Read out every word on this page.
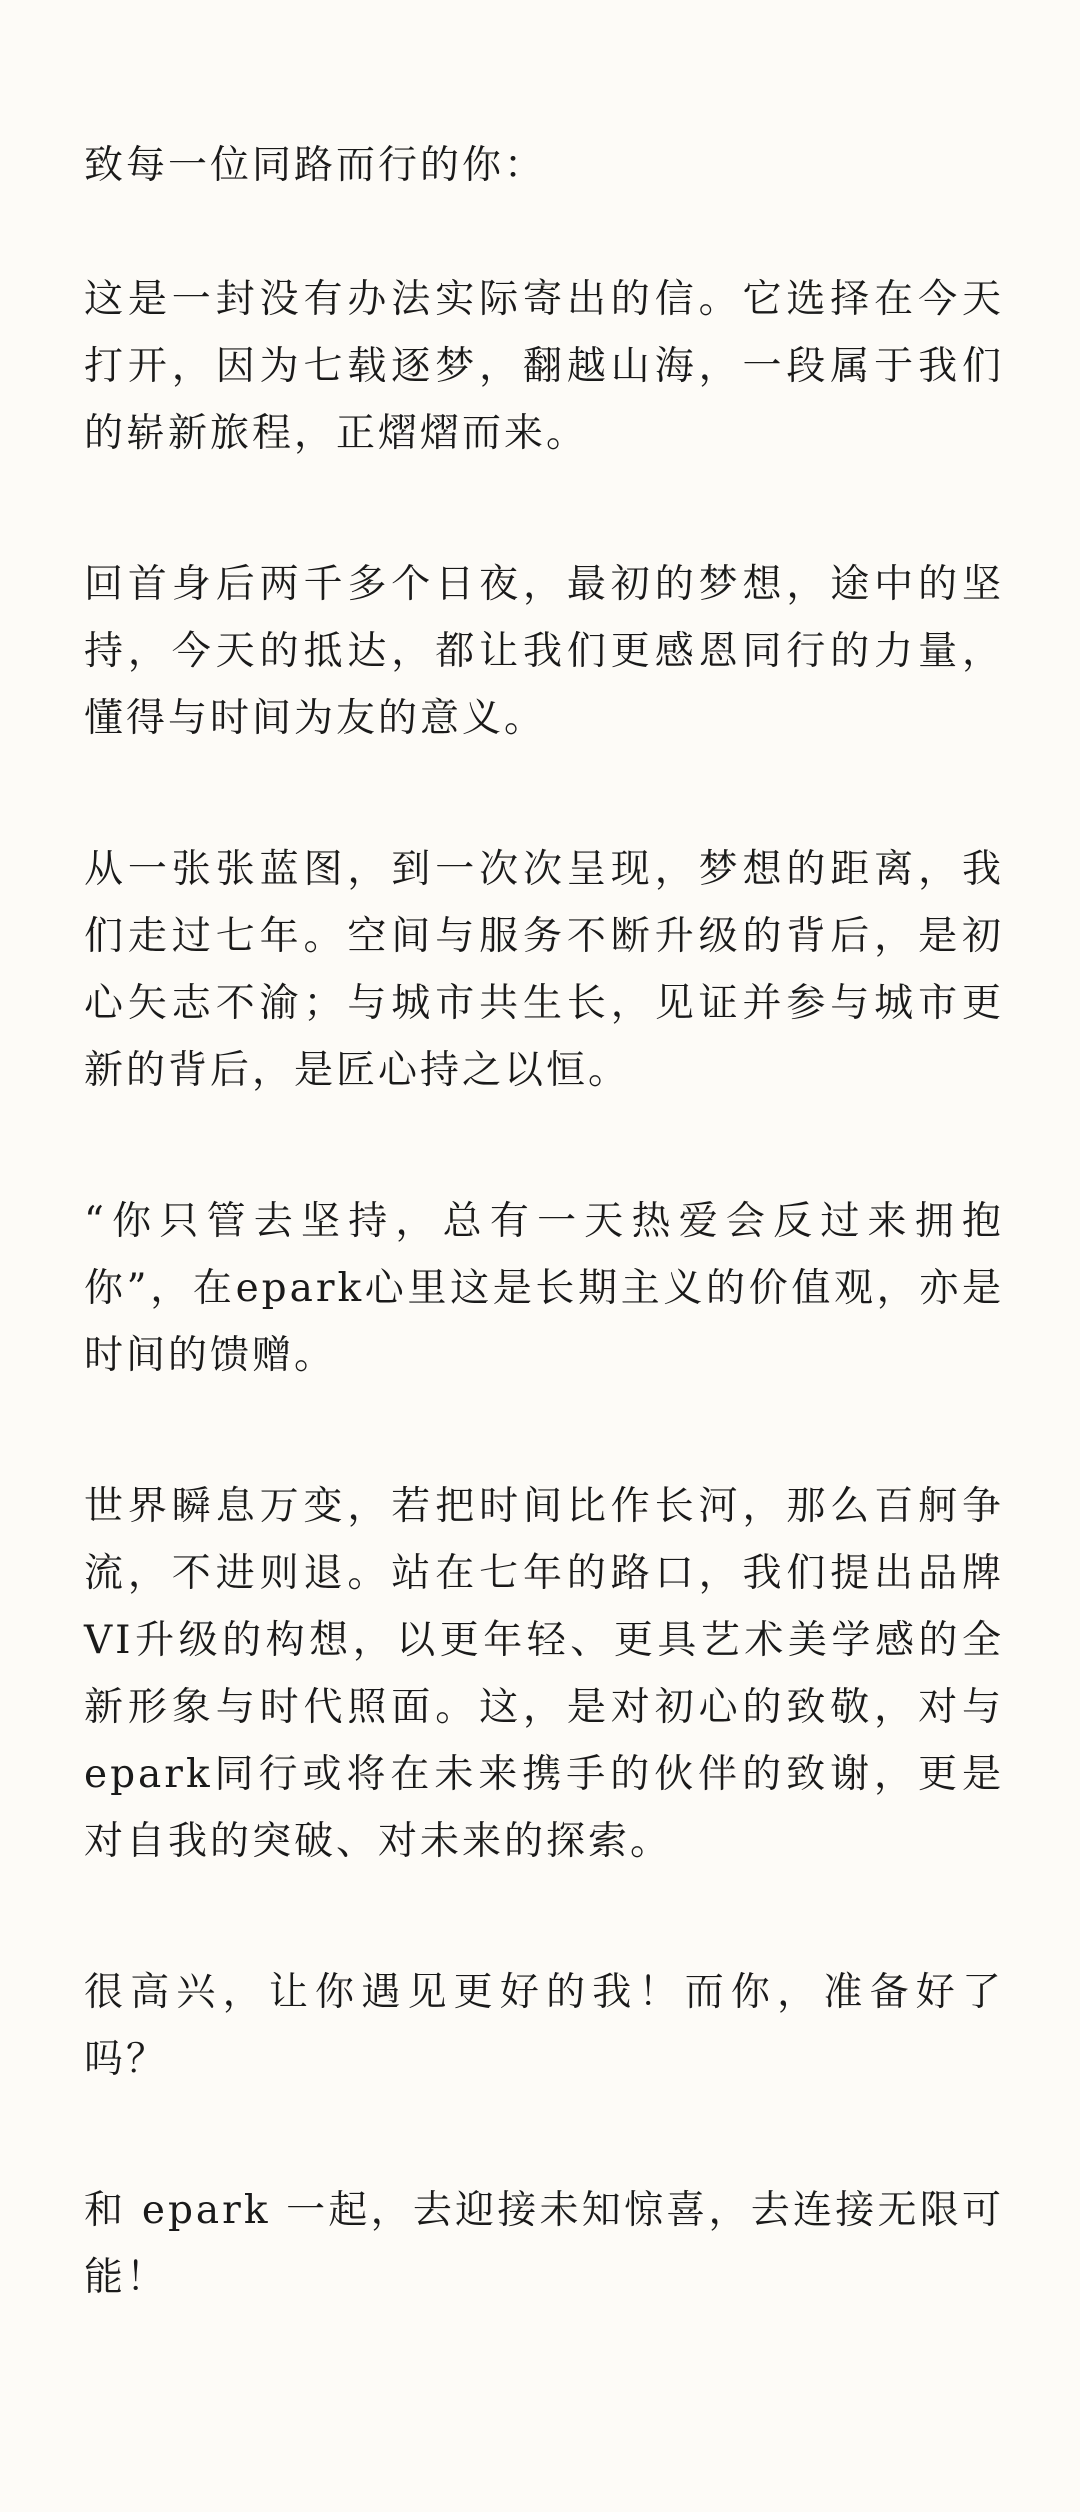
致每一位同路而行的你：

这是一封没有办法实际寄出的信。它选择在今天打开，因为七载逐梦，翻越山海，一段属于我们的崭新旅程，正熠熠而来。

回首身后两千多个日夜，最初的梦想，途中的坚持，今天的抵达，都让我们更感恩同行的力量，懂得与时间为友的意义。

从一张张蓝图，到一次次呈现，梦想的距离，我们走过七年。空间与服务不断升级的背后，是初心矢志不渝；与城市共生长，见证并参与城市更新的背后，是匠心持之以恒。

“你只管去坚持，总有一天热爱会反过来拥抱你”，在epark心里这是长期主义的价值观，亦是时间的馈赠。

世界瞬息万变，若把时间比作长河，那么百舸争流，不进则退。站在七年的路口，我们提出品牌VI升级的构想，以更年轻、更具艺术美学感的全新形象与时代照面。这，是对初心的致敬，对与epark同行或将在未来携手的伙伴的致谢，更是对自我的突破、对未来的探索。

很高兴，让你遇见更好的我！而你，准备好了吗？

和 epark 一起，去迎接未知惊喜，去连接无限可能！
